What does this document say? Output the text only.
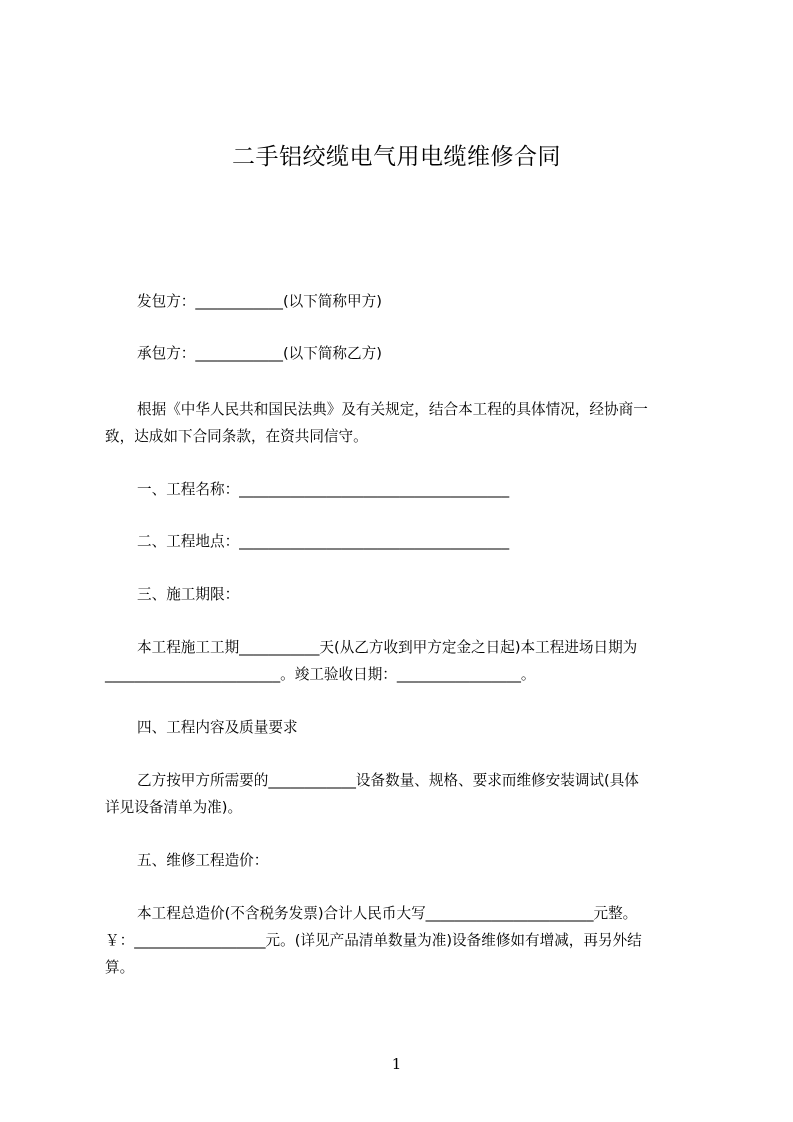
二手铝绞缆电气用电缆维修合同
发包方：____________(以下简称甲方)
承包方：____________(以下简称乙方)
根据《中华人民共和国民法典》及有关规定，结合本工程的具体情况，经协商一
致，达成如下合同条款，在资共同信守。
一、工程名称：_____________________________________
二、工程地点：_____________________________________
三、施工期限：
本工程施工工期___________天(从乙方收到甲方定金之日起)本工程进场日期为
________________________。竣工验收日期：_________________。
四、工程内容及质量要求
乙方按甲方所需要的____________设备数量、规格、要求而维修安装调试(具体
详见设备清单为准)。
五、维修工程造价：
本工程总造价(不含税务发票)合计人民币大写_______________________元整。
￥：__________________元。(详见产品清单数量为准)设备维修如有增减，再另外结
算。
1
